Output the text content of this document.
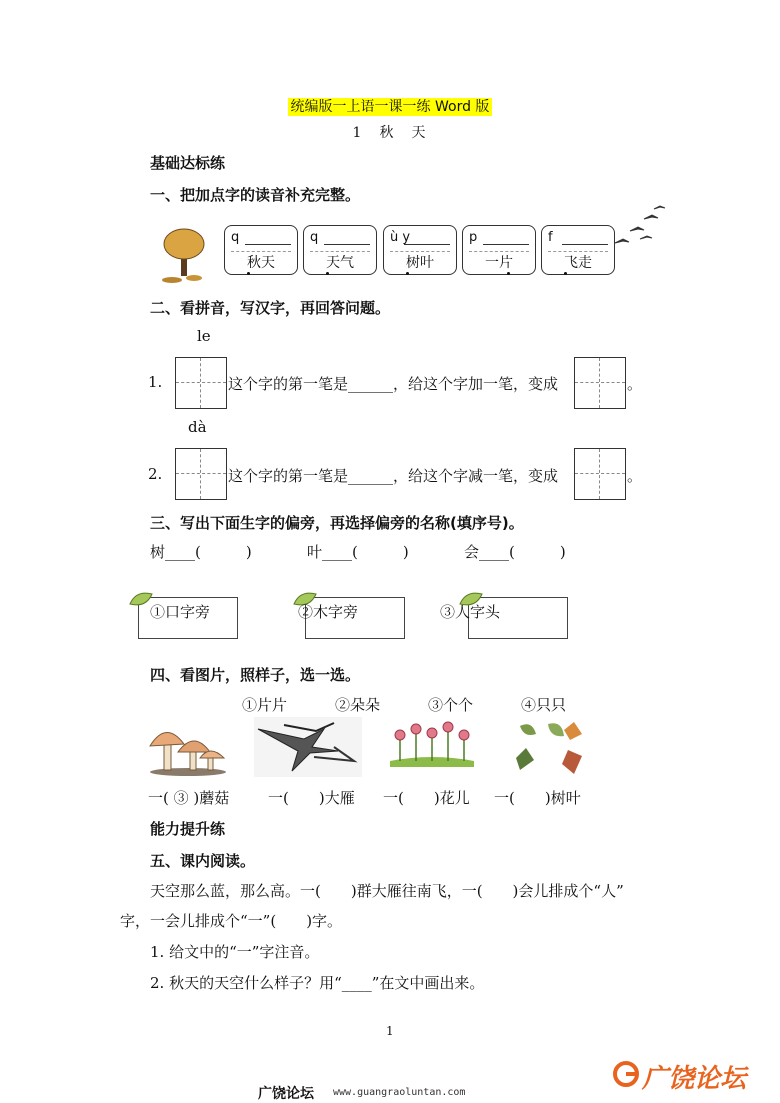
统编版一上语一课一练 Word 版
1　秋　天
基础达标练
一、把加点字的读音补充完整。
q
秋天
q
天气
ù y
树叶
p
一片
f
飞走
二、看拼音，写汉字，再回答问题。
le
1.	这个字的第一笔是______，给这个字加一笔，变成	。
dà
2.	这个字的第一笔是______，给这个字减一笔，变成	。
三、写出下面生字的偏旁，再选择偏旁的名称(填序号)。
树____(　　　)	叶____(　　　)	会____(　　　)
①口字旁	②木字旁	③人字头
四、看图片，照样子，选一选。
①片片	②朵朵	③个个	④只只
一( ③ )蘑菇	一(　　)大雁 一(　　)花儿 一(　　)树叶
能力提升练
五、课内阅读。
天空那么蓝，那么高。一(　　)群大雁往南飞，一(　　)会儿排成个“人”
字，一会儿排成个“一”(　　)字。
1. 给文中的“一”字注音。
2. 秋天的天空什么样子？用“____”在文中画出来。
1
广饶论坛 www.guangraoluntan.com	广饶论坛
